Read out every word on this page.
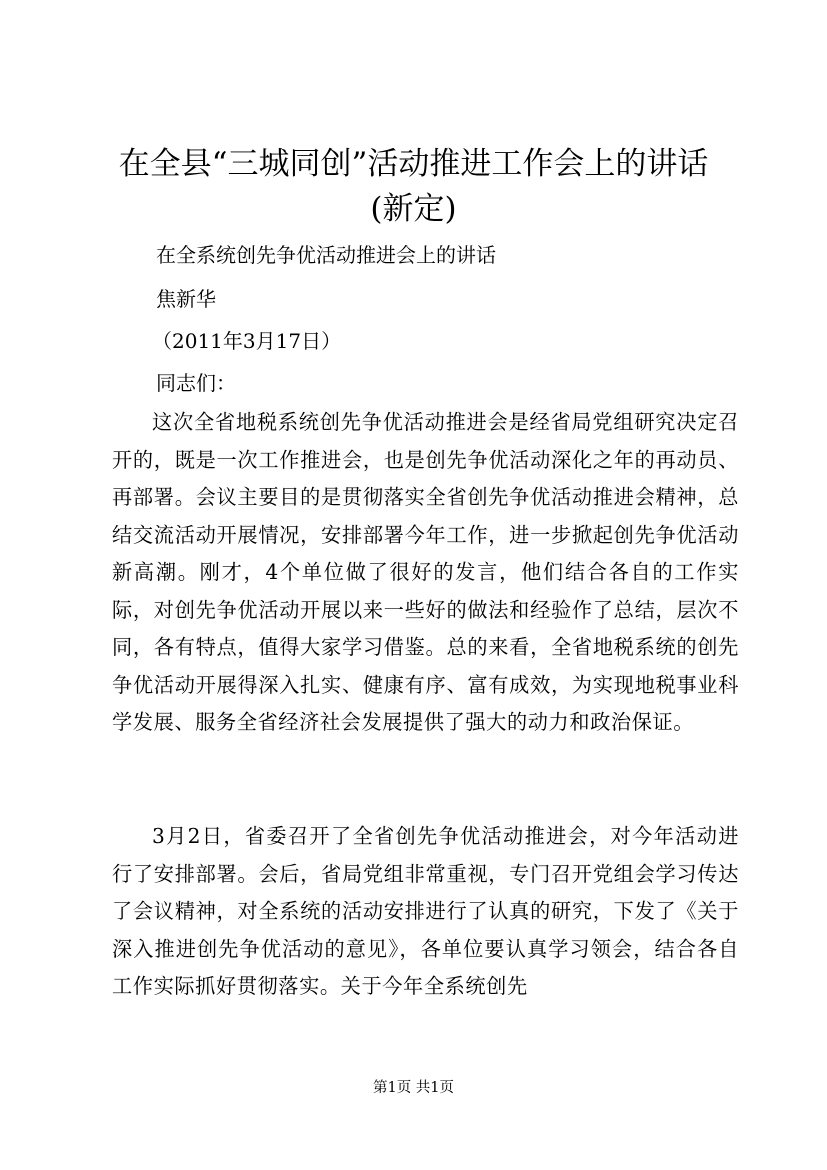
在全县“三城同创”活动推进工作会上的讲话(新定)

在全系统创先争优活动推进会上的讲话

焦新华

（2011年3月17日）

同志们：

这次全省地税系统创先争优活动推进会是经省局党组研究决定召开的，既是一次工作推进会，也是创先争优活动深化之年的再动员、再部署。会议主要目的是贯彻落实全省创先争优活动推进会精神，总结交流活动开展情况，安排部署今年工作，进一步掀起创先争优活动新高潮。刚才，4个单位做了很好的发言，他们结合各自的工作实际，对创先争优活动开展以来一些好的做法和经验作了总结，层次不同，各有特点，值得大家学习借鉴。总的来看，全省地税系统的创先争优活动开展得深入扎实、健康有序、富有成效，为实现地税事业科学发展、服务全省经济社会发展提供了强大的动力和政治保证。

3月2日，省委召开了全省创先争优活动推进会，对今年活动进行了安排部署。会后，省局党组非常重视，专门召开党组会学习传达了会议精神，对全系统的活动安排进行了认真的研究，下发了《关于深入推进创先争优活动的意见》，各单位要认真学习领会，结合各自工作实际抓好贯彻落实。关于今年全系统创先

第1页 共1页
